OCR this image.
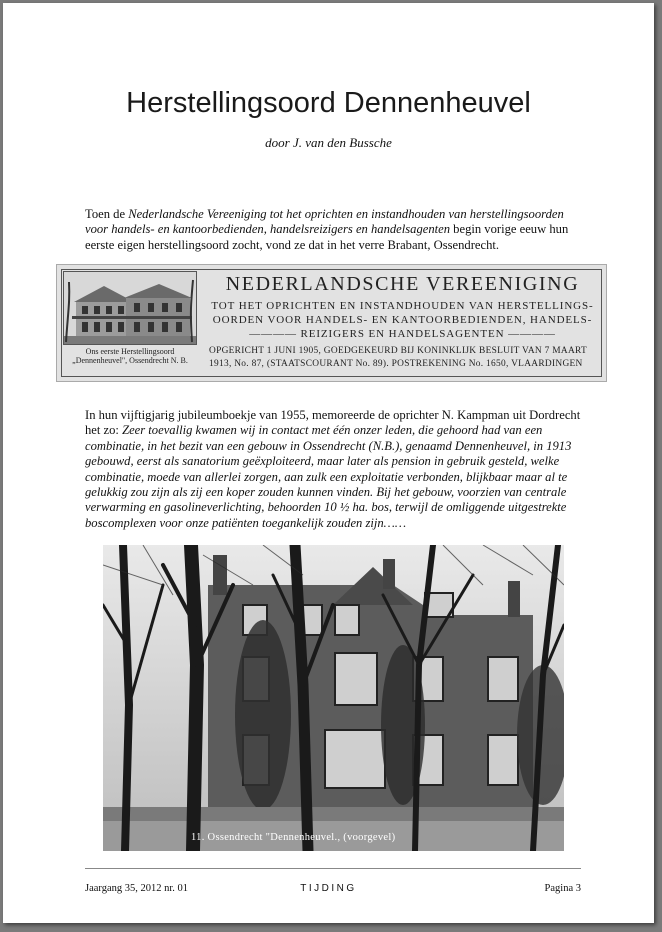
Herstellingsoord Dennenheuvel
door J. van den Bussche
Toen de Nederlandsche Vereeniging tot het oprichten en instandhouden van herstellingsoorden voor handels- en kantoorbedienden, handelsreizigers en handelsagenten begin vorige eeuw hun eerste eigen herstellingsoord zocht, vond ze dat in het verre Brabant, Ossendrecht.
Ons eerste Herstellingsoord
„Dennenheuvel", Ossendrecht N. B.
NEDERLANDSCHE VEREENIGING
TOT HET OPRICHTEN EN INSTANDHOUDEN VAN HERSTELLINGS-
OORDEN VOOR HANDELS- EN KANTOORBEDIENDEN, HANDELS-
———— REIZIGERS EN HANDELSAGENTEN ————
OPGERICHT 1 JUNI 1905, GOEDGEKEURD BIJ KONINKLIJK BESLUIT VAN 7 MAART
1913, No. 87, (STAATSCOURANT No. 89). POSTREKENING No. 1650, VLAARDINGEN
In hun vijftigjarig jubileumboekje van 1955, memoreerde de oprichter N. Kampman uit Dordrecht het zo: Zeer toevallig kwamen wij in contact met één onzer leden, die gehoord had van een combinatie, in het bezit van een gebouw in Ossendrecht (N.B.), genaamd Dennenheuvel, in 1913 gebouwd, eerst als sanatorium geëxploiteerd, maar later als pension in gebruik gesteld, welke combinatie, moede van allerlei zorgen, aan zulk een exploitatie verbonden, blijkbaar maar al te gelukkig zou zijn als zij een koper zouden kunnen vinden. Bij het gebouw, voorzien van centrale verwarming en gasolineverlichting, behoorden 10 ½ ha. bos, terwijl de omliggende uitgestrekte boscomplexen voor onze patiënten toegankelijk zouden zijn……
11. Ossendrecht "Dennenheuvel., (voorgevel)
Jaargang 35, 2012 nr. 01	TIJDING	Pagina 3
